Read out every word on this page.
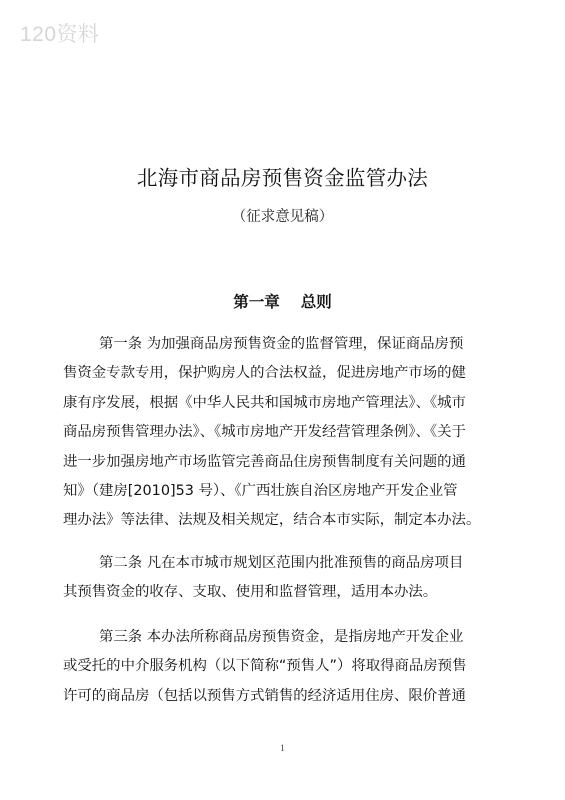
120资料
北海市商品房预售资金监管办法
（征求意见稿）
第一章　 总则
第一条 为加强商品房预售资金的监督管理，保证商品房预
售资金专款专用，保护购房人的合法权益，促进房地产市场的健
康有序发展，根据《中华人民共和国城市房地产管理法》、《城市
商品房预售管理办法》、《城市房地产开发经营管理条例》、《关于
进一步加强房地产市场监管完善商品住房预售制度有关问题的通
知》（建房[2010]53 号）、《广西壮族自治区房地产开发企业管
理办法》等法律、法规及相关规定，结合本市实际，制定本办法。
第二条 凡在本市城市规划区范围内批准预售的商品房项目
其预售资金的收存、支取、使用和监督管理，适用本办法。
第三条 本办法所称商品房预售资金，是指房地产开发企业
或受托的中介服务机构（以下简称“预售人”）将取得商品房预售
许可的商品房（包括以预售方式销售的经济适用住房、限价普通
1
